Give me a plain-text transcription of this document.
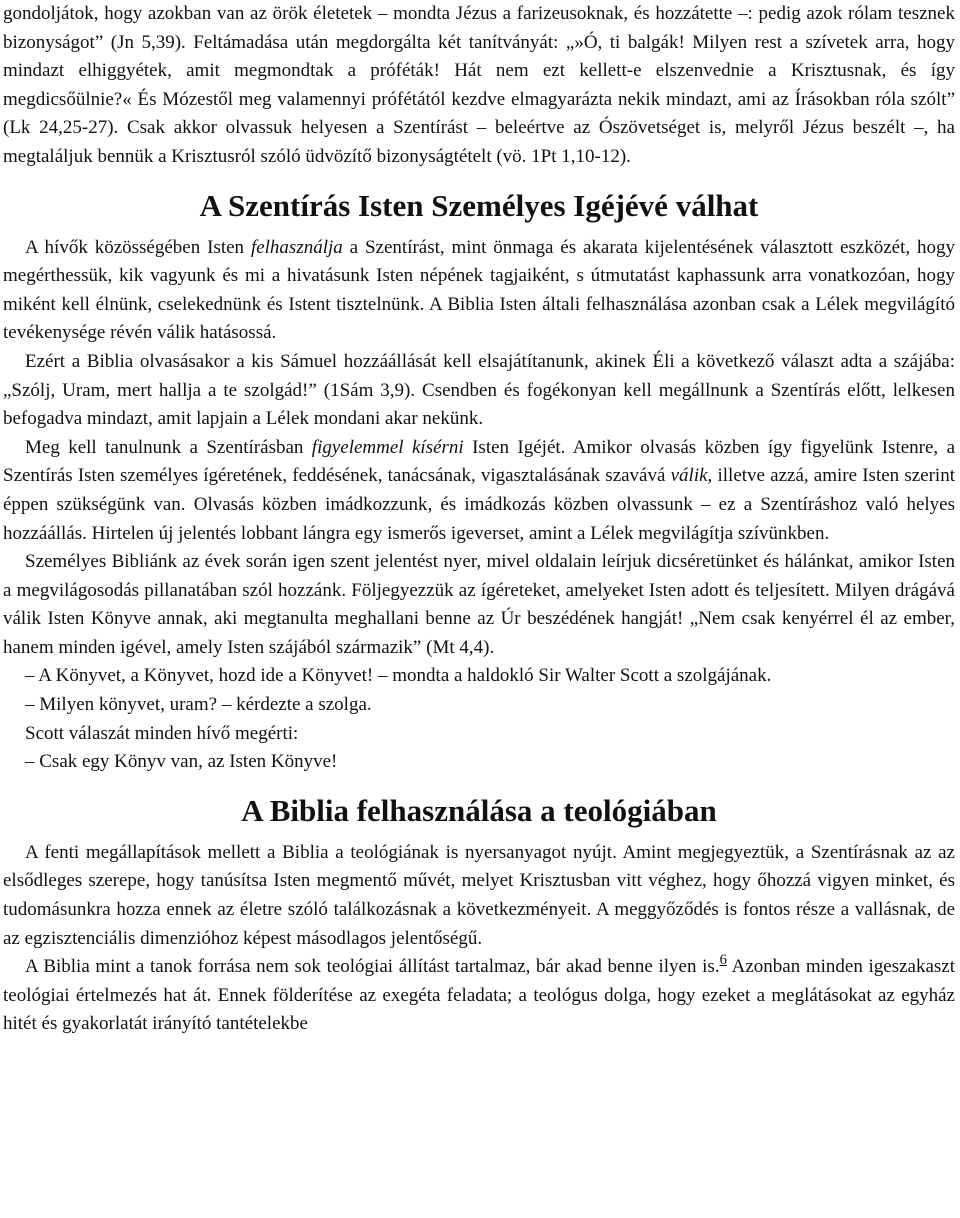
gondoljátok, hogy azokban van az örök életetek – mondta Jézus a farizeusoknak, és hozzátette –: pedig azok rólam tesznek bizonyságot” (Jn 5,39). Feltámadása után megdorgálta két tanítványát: „»Ó, ti balgák! Milyen rest a szívetek arra, hogy mindazt elhiggyétek, amit megmondtak a próféták! Hát nem ezt kellett-e elszenvednie a Krisztusnak, és így megdicsőülnie?« És Mózestől meg valamennyi prófétától kezdve elmagyarázta nekik mindazt, ami az Írásokban róla szólt” (Lk 24,25-27). Csak akkor olvassuk helyesen a Szentírást – beleértve az Ószövetséget is, melyről Jézus beszélt –, ha megtaláljuk bennük a Krisztusról szóló üdvözítő bizonyságtételt (vö. 1Pt 1,10-12).

A Szentírás Isten Személyes Igéjévé válhat

A hívők közösségében Isten felhasználja a Szentírást, mint önmaga és akarata kijelentésének választott eszközét, hogy megérthessük, kik vagyunk és mi a hivatásunk Isten népének tagjaiként, s útmutatást kaphassunk arra vonatkozóan, hogy miként kell élnünk, cselekednünk és Istent tisztelnünk. A Biblia Isten általi felhasználása azonban csak a Lélek megvilágító tevékenysége révén válik hatásossá.

Ezért a Biblia olvasásakor a kis Sámuel hozzáállását kell elsajátítanunk, akinek Éli a következő választ adta a szájába: „Szólj, Uram, mert hallja a te szolgád!” (1Sám 3,9). Csendben és fogékonyan kell megállnunk a Szentírás előtt, lelkesen befogadva mindazt, amit lapjain a Lélek mondani akar nekünk.

Meg kell tanulnunk a Szentírásban figyelemmel kísérni Isten Igéjét. Amikor olvasás közben így figyelünk Istenre, a Szentírás Isten személyes ígéretének, feddésének, tanácsának, vigasztalásának szavává válik, illetve azzá, amire Isten szerint éppen szükségünk van. Olvasás közben imádkozzunk, és imádkozás közben olvassunk – ez a Szentíráshoz való helyes hozzáállás. Hirtelen új jelentés lobbant lángra egy ismerős igeverset, amint a Lélek megvilágítja szívünkben.

Személyes Bibliánk az évek során igen szent jelentést nyer, mivel oldalain leírjuk dicséretünket és hálánkat, amikor Isten a megvilágosodás pillanatában szól hozzánk. Följegyezzük az ígéreteket, amelyeket Isten adott és teljesített. Milyen drágává válik Isten Könyve annak, aki megtanulta meghallani benne az Úr beszédének hangját! „Nem csak kenyérrel él az ember, hanem minden igével, amely Isten szájából származik” (Mt 4,4).

– A Könyvet, a Könyvet, hozd ide a Könyvet! – mondta a haldokló Sir Walter Scott a szolgájának.

– Milyen könyvet, uram? – kérdezte a szolga.

Scott válaszát minden hívő megérti:

– Csak egy Könyv van, az Isten Könyve!

A Biblia felhasználása a teológiában

A fenti megállapítások mellett a Biblia a teológiának is nyersanyagot nyújt. Amint megjegyeztük, a Szentírásnak az az elsődleges szerepe, hogy tanúsítsa Isten megmentő művét, melyet Krisztusban vitt véghez, hogy őhozzá vigyen minket, és tudomásunkra hozza ennek az életre szóló találkozásnak a következményeit. A meggyőződés is fontos része a vallásnak, de az egzisztenciális dimenzióhoz képest másodlagos jelentőségű.

A Biblia mint a tanok forrása nem sok teológiai állítást tartalmaz, bár akad benne ilyen is.$^6$ Azonban minden igeszakaszt teológiai értelmezés hat át. Ennek földerítése az exegéta feladata; a teológus dolga, hogy ezeket a meglátásokat az egyház hitét és gyakorlatát irányító tantételekbe
